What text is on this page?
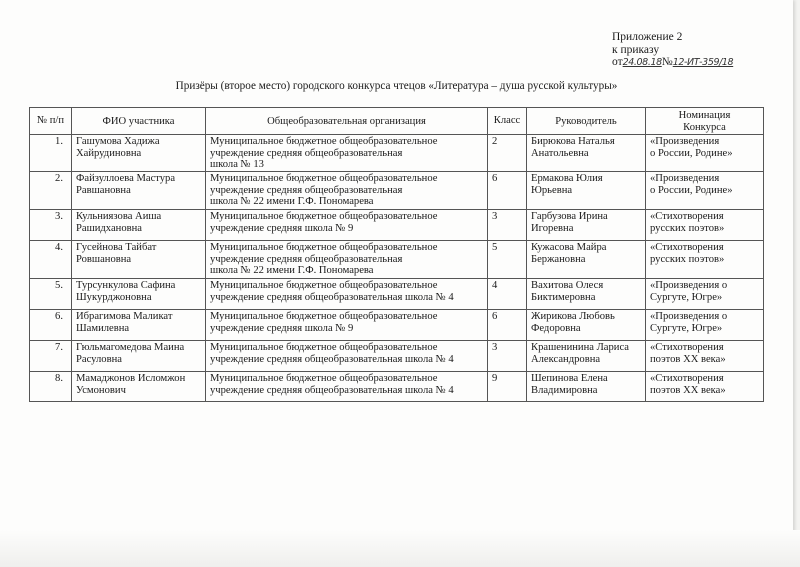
Приложение 2
к приказу
от24.08.18№12-ИТ-359/18
Призёры (второе место) городского конкурса чтецов «Литература – душа русской культуры»
№ п/п	ФИО участника	Общеобразовательная организация	Класс	Руководитель	Номинация
Конкурса

1.	Гашумова Хадижа
Хайрудиновна	Муниципальное бюджетное общеобразовательное
учреждение средняя общеобразовательная
школа № 13	2	Бирюкова Наталья
Анатольевна	«Произведения
о России, Родине»

2.	Файзуллоева Мастура
Равшановна	Муниципальное бюджетное общеобразовательное
учреждение средняя общеобразовательная
школа № 22 имени Г.Ф. Пономарева	6	Ермакова Юлия
Юрьевна	«Произведения
о России, Родине»

3.	Кульниязова Аиша
Рашидхановна	Муниципальное бюджетное общеобразовательное
учреждение средняя школа № 9	3	Гарбузова Ирина
Игоревна	«Стихотворения
русских поэтов»

4.	Гусейнова Тайбат
Ровшановна	Муниципальное бюджетное общеобразовательное
учреждение средняя общеобразовательная
школа № 22 имени Г.Ф. Пономарева	5	Кужасова Майра
Бержановна	«Стихотворения
русских поэтов»

5.	Турсункулова Сафина
Шукурджоновна	Муниципальное бюджетное общеобразовательное
учреждение средняя общеобразовательная школа № 4	4	Вахитова Олеся
Биктимеровна	«Произведения о
Сургуте, Югре»

6.	Ибрагимова Маликат
Шамилевна	Муниципальное бюджетное общеобразовательное
учреждение средняя школа № 9	6	Жирикова Любовь
Федоровна	«Произведения о
Сургуте, Югре»

7.	Гюльмагомедова Маина
Расуловна	Муниципальное бюджетное общеобразовательное
учреждение средняя общеобразовательная школа № 4	3	Крашенинина Лариса
Александровна	«Стихотворения
поэтов XX века»

8.	Мамаджонов Исломжон
Усмонович	Муниципальное бюджетное общеобразовательное
учреждение средняя общеобразовательная школа № 4	9	Шепинова Елена
Владимировна	«Стихотворения
поэтов XX века»
